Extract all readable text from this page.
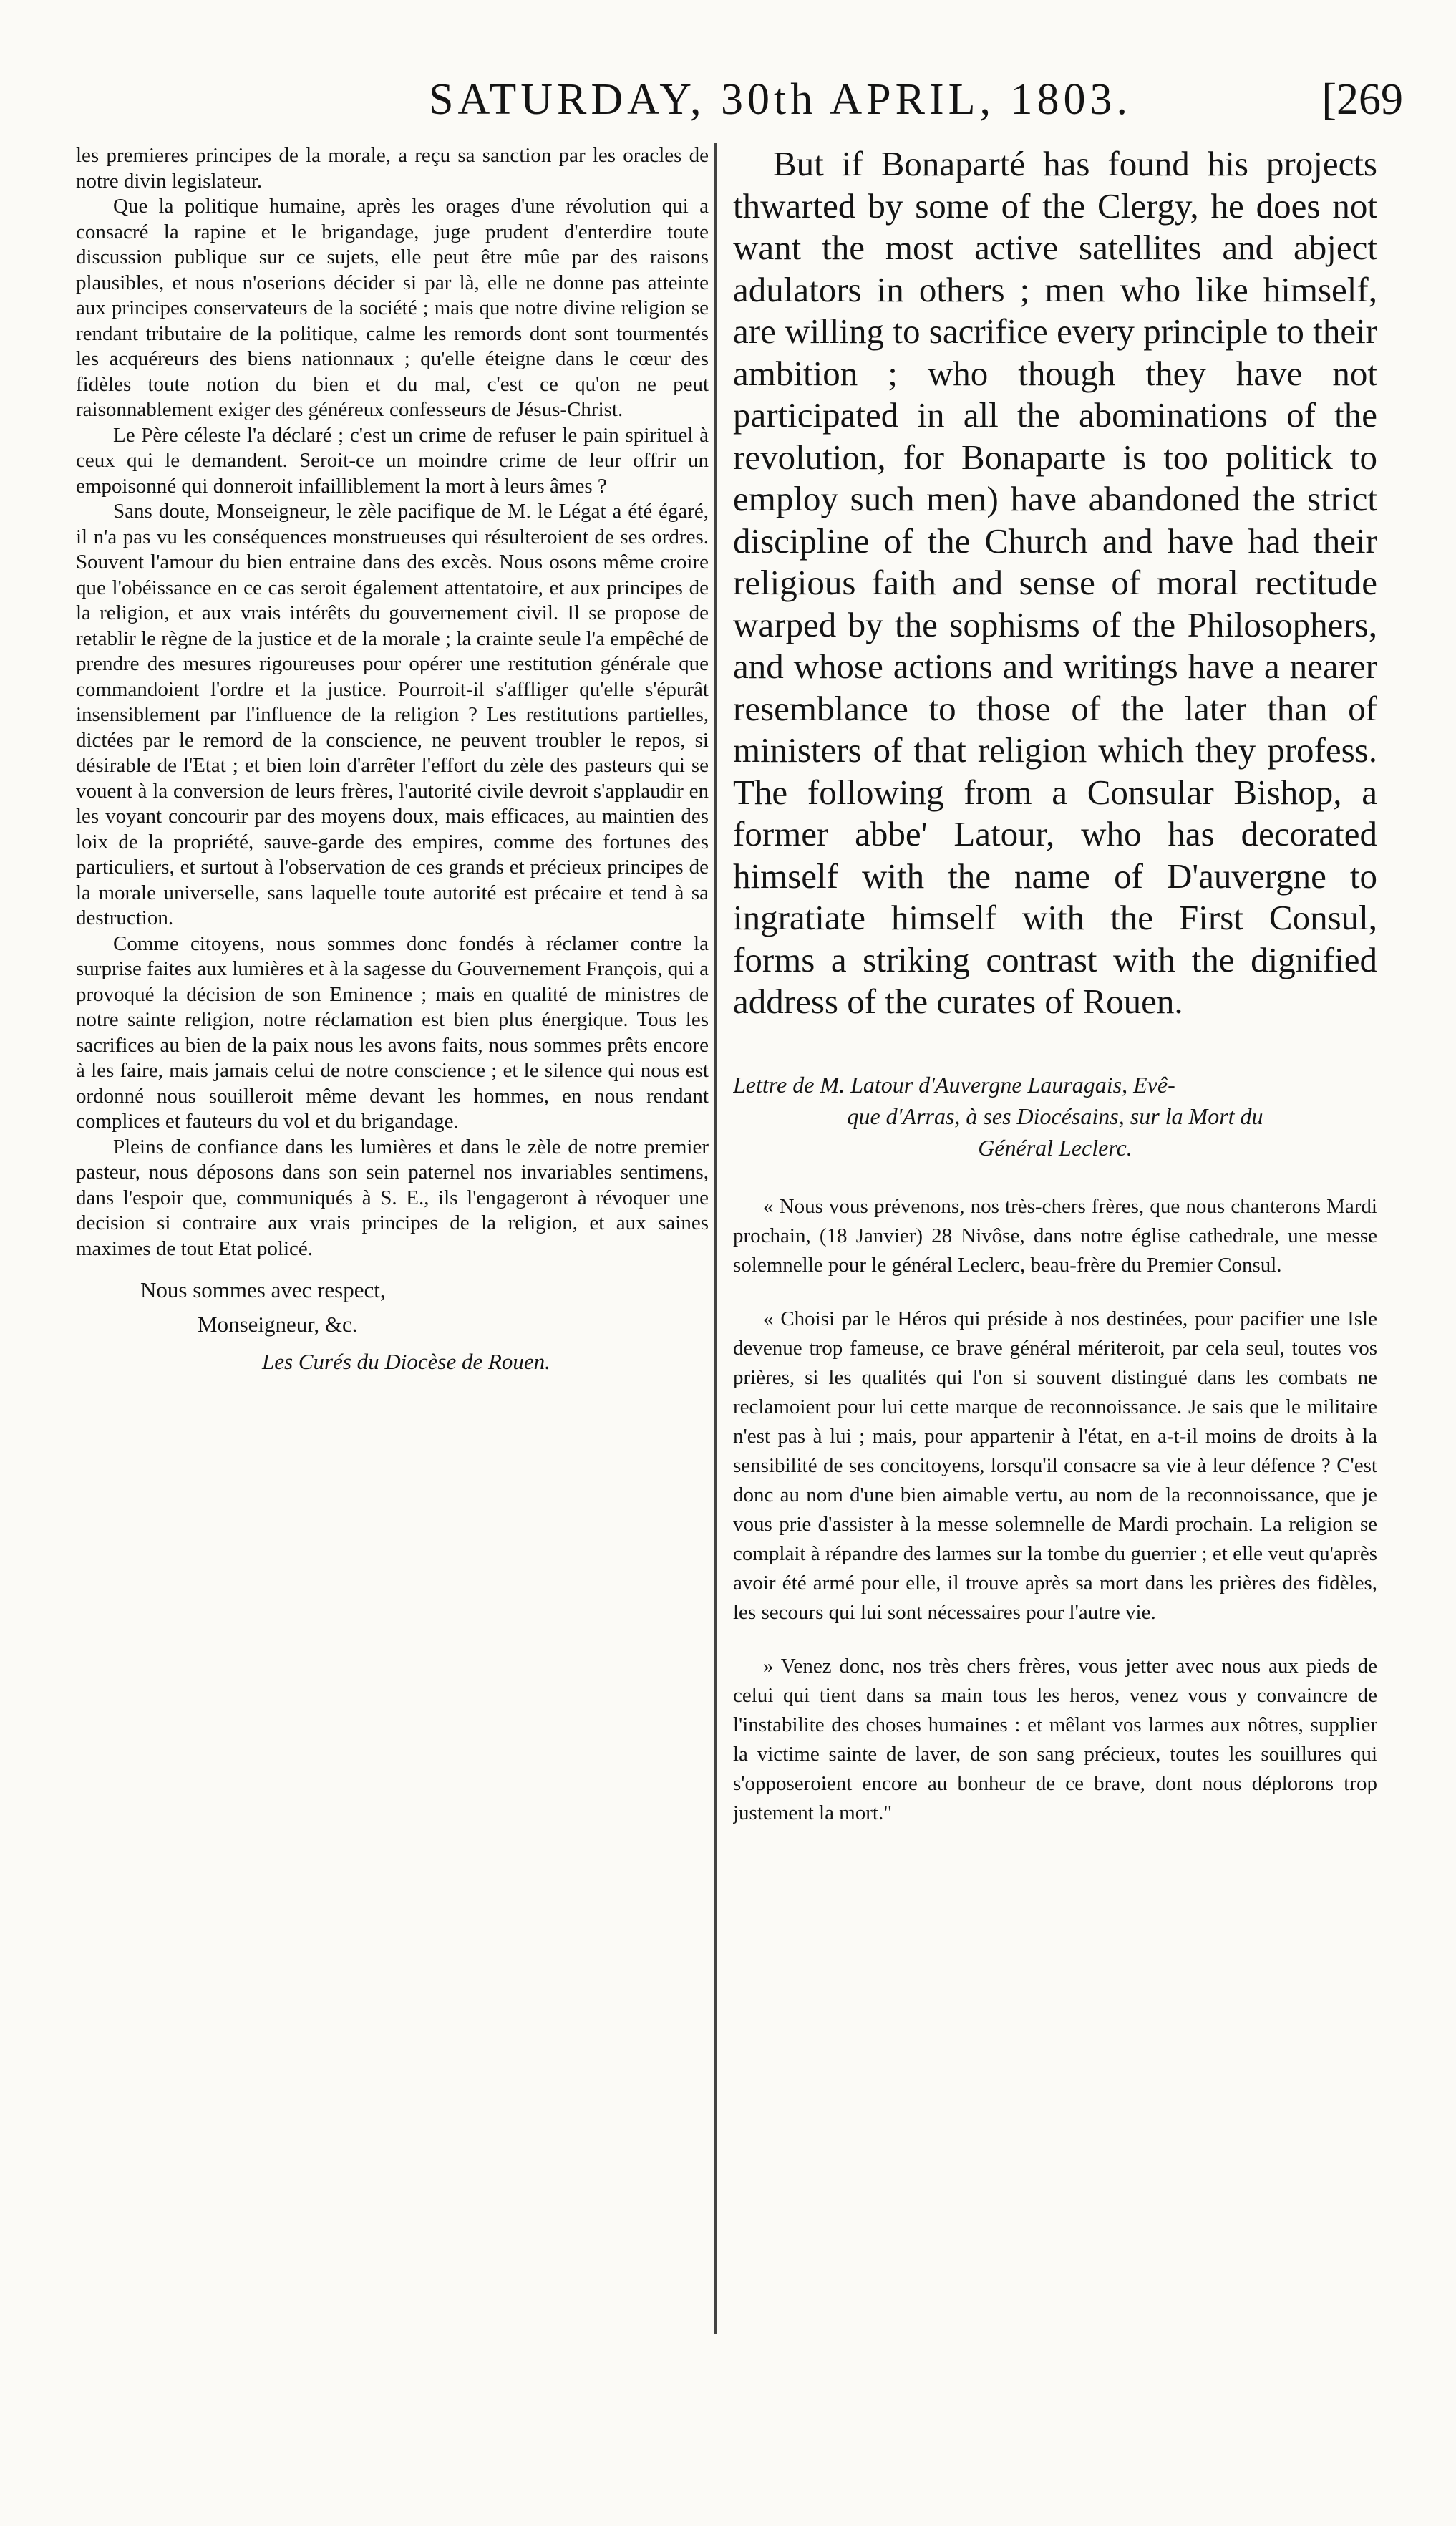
SATURDAY, 30th APRIL, 1803.	[269

les premieres principes de la morale, a reçu sa sanction par les oracles de notre divin legislateur.

Que la politique humaine, après les orages d'une révolution qui a consacré la rapine et le brigandage, juge prudent d'enterdire toute discussion publique sur ce sujets, elle peut être mûe par des raisons plausibles, et nous n'oserions décider si par là, elle ne donne pas atteinte aux principes conservateurs de la société ; mais que notre divine religion se rendant tributaire de la politique, calme les remords dont sont tourmentés les acquéreurs des biens nationnaux ; qu'elle éteigne dans le cœur des fidèles toute notion du bien et du mal, c'est ce qu'on ne peut raisonnablement exiger des généreux confesseurs de Jésus-Christ.

Le Père céleste l'a déclaré ; c'est un crime de refuser le pain spirituel à ceux qui le demandent. Seroit-ce un moindre crime de leur offrir un empoisonné qui donneroit infailliblement la mort à leurs âmes ?

Sans doute, Monseigneur, le zèle pacifique de M. le Légat a été égaré, il n'a pas vu les conséquences monstrueuses qui résulteroient de ses ordres. Souvent l'amour du bien entraine dans des excès. Nous osons même croire que l'obéissance en ce cas seroit également attentatoire, et aux principes de la religion, et aux vrais intérêts du gouvernement civil. Il se propose de retablir le règne de la justice et de la morale ; la crainte seule l'a empêché de prendre des mesures rigoureuses pour opérer une restitution générale que commandoient l'ordre et la justice. Pourroit-il s'affliger qu'elle s'épurât insensiblement par l'influence de la religion ? Les restitutions partielles, dictées par le remord de la conscience, ne peuvent troubler le repos, si désirable de l'Etat ; et bien loin d'arrêter l'effort du zèle des pasteurs qui se vouent à la conversion de leurs frères, l'autorité civile devroit s'applaudir en les voyant concourir par des moyens doux, mais efficaces, au maintien des loix de la propriété, sauve-garde des empires, comme des fortunes des particuliers, et surtout à l'observation de ces grands et précieux principes de la morale universelle, sans laquelle toute autorité est précaire et tend à sa destruction.

Comme citoyens, nous sommes donc fondés à réclamer contre la surprise faites aux lumières et à la sagesse du Gouvernement François, qui a provoqué la décision de son Eminence ; mais en qualité de ministres de notre sainte religion, notre réclamation est bien plus énergique. Tous les sacrifices au bien de la paix nous les avons faits, nous sommes prêts encore à les faire, mais jamais celui de notre conscience ; et le silence qui nous est ordonné nous souilleroit même devant les hommes, en nous rendant complices et fauteurs du vol et du brigandage.

Pleins de confiance dans les lumières et dans le zèle de notre premier pasteur, nous déposons dans son sein paternel nos invariables sentimens, dans l'espoir que, communiqués à S. E., ils l'engageront à révoquer une decision si contraire aux vrais principes de la religion, et aux saines maximes de tout Etat policé.

Nous sommes avec respect,
Monseigneur, &c.
Les Curés du Diocèse de Rouen.

But if Bonaparté has found his projects thwarted by some of the Clergy, he does not want the most active satellites and abject adulators in others ; men who like himself, are willing to sacrifice every principle to their ambition ; who though they have not participated in all the abominations of the revolution, for Bonaparte is too politick to employ such men) have abandoned the strict discipline of the Church and have had their religious faith and sense of moral rectitude warped by the sophisms of the Philosophers, and whose actions and writings have a nearer resemblance to those of the later than of ministers of that religion which they profess. The following from a Consular Bishop, a former abbe' Latour, who has decorated himself with the name of D'auvergne to ingratiate himself with the First Consul, forms a striking contrast with the dignified address of the curates of Rouen.

Lettre de M. Latour d'Auvergne Lauragais, Evê-
que d'Arras, à ses Diocésains, sur la Mort du
Général Leclerc.

« Nous vous prévenons, nos très-chers frères, que nous chanterons Mardi prochain, (18 Janvier) 28 Nivôse, dans notre église cathedrale, une messe solemnelle pour le général Leclerc, beau-frère du Premier Consul.

« Choisi par le Héros qui préside à nos destinées, pour pacifier une Isle devenue trop fameuse, ce brave général mériteroit, par cela seul, toutes vos prières, si les qualités qui l'on si souvent distingué dans les combats ne reclamoient pour lui cette marque de reconnoissance. Je sais que le militaire n'est pas à lui ; mais, pour appartenir à l'état, en a-t-il moins de droits à la sensibilité de ses concitoyens, lorsqu'il consacre sa vie à leur défence ? C'est donc au nom d'une bien aimable vertu, au nom de la reconnoissance, que je vous prie d'assister à la messe solemnelle de Mardi prochain. La religion se complait à répandre des larmes sur la tombe du guerrier ; et elle veut qu'après avoir été armé pour elle, il trouve après sa mort dans les prières des fidèles, les secours qui lui sont nécessaires pour l'autre vie.

» Venez donc, nos très chers frères, vous jetter avec nous aux pieds de celui qui tient dans sa main tous les heros, venez vous y convaincre de l'instabilite des choses humaines : et mêlant vos larmes aux nôtres, supplier la victime sainte de laver, de son sang précieux, toutes les souillures qui s'opposeroient encore au bonheur de ce brave, dont nous déplorons trop justement la mort."
